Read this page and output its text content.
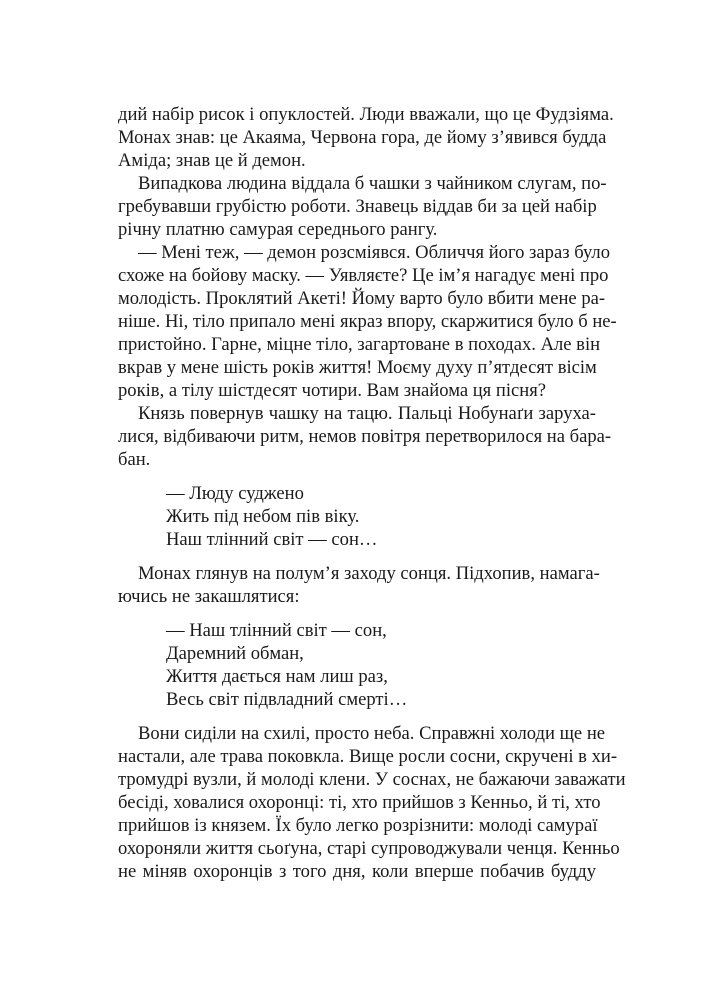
дий набір рисок і опуклостей. Люди вважали, що це Фудзіяма.
Монах знав: це Акаяма, Червона гора, де йому з’явився будда
Аміда; знав це й демон.
Випадкова людина віддала б чашки з чайником слугам, по-
гребувавши грубістю роботи. Знавець віддав би за цей набір
річну платню самурая середнього рангу.
— Мені теж, — демон розсміявся. Обличчя його зараз було
схоже на бойову маску. — Уявляєте? Це ім’я нагадує мені про
молодість. Проклятий Акеті! Йому варто було вбити мене ра-
ніше. Ні, тіло припало мені якраз впору, скаржитися було б не-
пристойно. Гарне, міцне тіло, загартоване в походах. Але він
вкрав у мене шість років життя! Моєму духу п’ятдесят вісім
років, а тілу шістдесят чотири. Вам знайома ця пісня?
Князь повернув чашку на тацю. Пальці Нобунаґи заруха-
лися, відбиваючи ритм, немов повітря перетворилося на бара-
бан.
— Люду суджено
Жить під небом пів віку.
Наш тлінний світ — сон…
Монах глянув на полум’я заходу сонця. Підхопив, намага-
ючись не закашлятися:
— Наш тлінний світ — сон,
Даремний обман,
Життя дається нам лиш раз,
Весь світ підвладний смерті…
Вони сиділи на схилі, просто неба. Справжні холоди ще не
настали, але трава поковкла. Вище росли сосни, скручені в хи-
тромудрі вузли, й молоді клени. У соснах, не бажаючи заважати
бесіді, ховалися охоронці: ті, хто прийшов з Кенньо, й ті, хто
прийшов із князем. Їх було легко розрізнити: молоді самураї
охороняли життя сьоґуна, старі супроводжували ченця. Кенньо
не міняв охоронців з того дня, коли вперше побачив будду
